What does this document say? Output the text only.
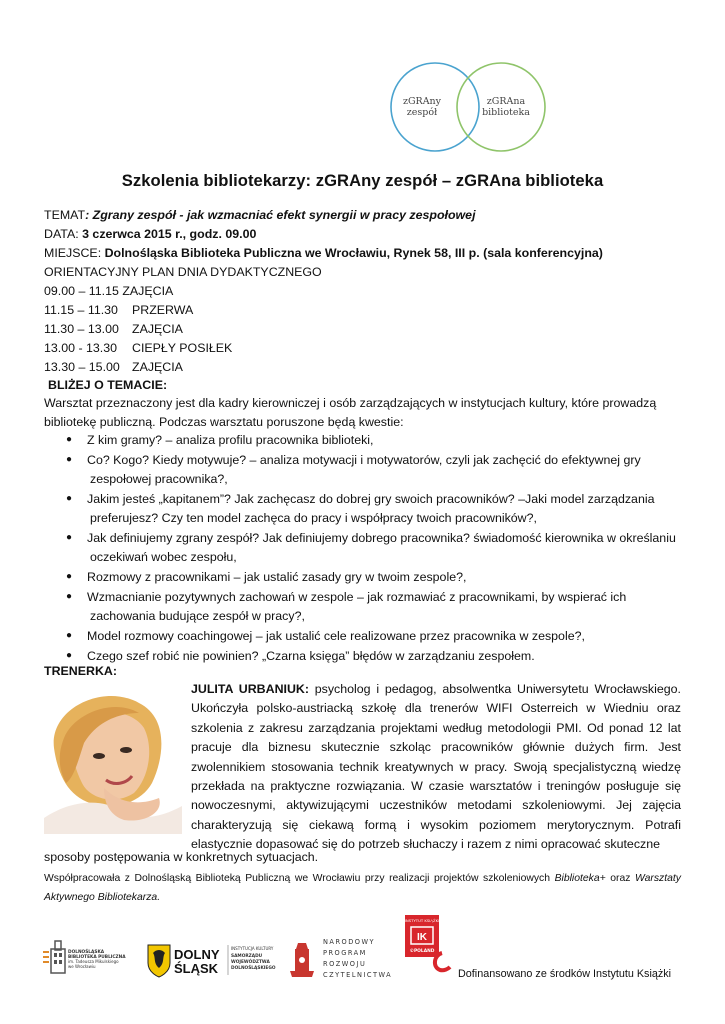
zGRAny
zespół
zGRAna
biblioteka
Szkolenia bibliotekarzy: zGRAny zespół – zGRAna biblioteka
TEMAT: Zgrany zespół - jak wzmacniać efekt synergii w pracy zespołowej
DATA: 3 czerwca 2015 r., godz. 09.00
MIEJSCE: Dolnośląska Biblioteka Publiczna we Wrocławiu, Rynek 58, III p. (sala konferencyjna)
ORIENTACYJNY PLAN DNIA DYDAKTYCZNEGO
09.00 – 11.15 ZAJĘCIA
11.15 – 11.30 PRZERWA
11.30 – 13.00 ZAJĘCIA
13.00 - 13.30 CIEPŁY POSIŁEK
13.30 – 15.00 ZAJĘCIA
BLIŻEJ O TEMACIE:
Warsztat przeznaczony jest dla kadry kierowniczej i osób zarządzających w instytucjach kultury, które prowadzą
bibliotekę publiczną. Podczas warsztatu poruszone będą kwestie:
● Z kim gramy? – analiza profilu pracownika biblioteki,
● Co? Kogo? Kiedy motywuje? – analiza motywacji i motywatorów, czyli jak zachęcić do efektywnej gry
zespołowej pracownika?,
● Jakim jesteś „kapitanem”? Jak zachęcasz do dobrej gry swoich pracowników? –Jaki model zarządzania
preferujesz? Czy ten model zachęca do pracy i współpracy twoich pracowników?,
● Jak definiujemy zgrany zespół? Jak definiujemy dobrego pracownika? świadomość kierownika w określaniu
oczekiwań wobec zespołu,
● Rozmowy z pracownikami – jak ustalić zasady gry w twoim zespole?,
● Wzmacnianie pozytywnych zachowań w zespole – jak rozmawiać z pracownikami, by wspierać ich
zachowania budujące zespół w pracy?,
● Model rozmowy coachingowej – jak ustalić cele realizowane przez pracownika w zespole?,
● Czego szef robić nie powinien? „Czarna księga” błędów w zarządzaniu zespołem.
TRENERKA:
JULITA URBANIUK: psycholog i pedagog, absolwentka Uniwersytetu Wrocławskiego. Ukończyła polsko-austriacką szkołę dla trenerów WIFI Osterreich w Wiedniu oraz szkolenia z zakresu zarządzania projektami według metodologii PMI. Od ponad 12 lat pracuje dla biznesu skutecznie szkoląc pracowników głównie dużych firm. Jest zwolennikiem stosowania technik kreatywnych w pracy. Swoją specjalistyczną wiedzę przekłada na praktyczne rozwiązania. W czasie warsztatów i treningów posługuje się nowoczesnymi, aktywizującymi uczestników metodami szkoleniowymi. Jej zajęcia charakteryzują się ciekawą formą i wysokim poziomem merytorycznym. Potrafi elastycznie dopasować się do potrzeb słuchaczy i razem z nimi opracować skuteczne
sposoby postępowania w konkretnych sytuacjach.
Współpracowała z Dolnośląską Biblioteką Publiczną we Wrocławiu przy realizacji projektów szkoleniowych Biblioteka+ oraz Warsztaty Aktywnego Bibliotekarza.
DOLNOŚLĄSKA
BIBLIOTEKA PUBLICZNA
im. Tadeusza Mikulskiego
we Wrocławiu
DOLNY
ŚLĄSK
INSTYTUCJA KULTURY
SAMORZĄDU
WOJEWÓDZTWA
DOLNOŚLĄSKIEGO
NARODOWY
PROGRAM
ROZWOJU
CZYTELNICTWA
INSTYTUT KSIĄŻKI
IK
©POLAND
Dofinansowano ze środków Instytutu Książki
